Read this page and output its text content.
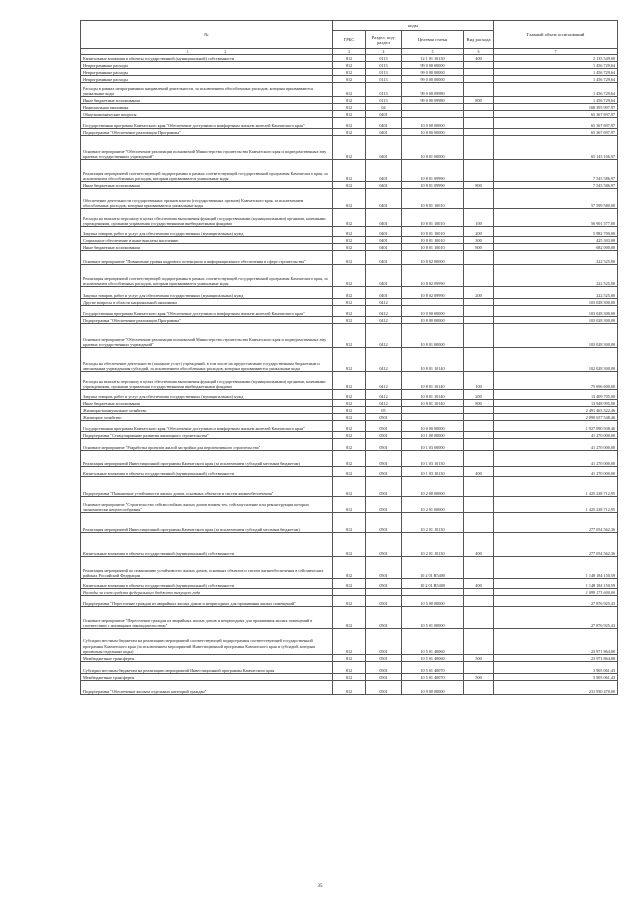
№	коды				Главный объем ассигнований
	ГРБС	Раздел, под-раздел	Целевая статья	Вид расхода	
1 2	3	4	5	6	7
Капитальные вложения в объекты государственной (муниципальной) собственности	812	0113	12 1 01 10130	400	2 135 549,00
Непрограммные расходы	812	0113	99 0 00 00000		1 456 729,64
Непрограммные расходы	812	0113	99 0 00 00000		1 456 729,64
Непрограммные расходы	812	0113	99 0 00 00000		1 456 729,64
Расходы в рамках непрограммных направлений деятельности, за исключением обособленных расходов, которым присваиваются уникальные коды	812	0113	99 0 00 09980		1 456 729,64
Иные бюджетные ассигнования	812	0113	99 0 00 09980	800	1 456 729,64
Национальная экономика	812	04			168 395 997,97
Общеэкономические вопросы	812	0401			65 367 697,97
Государственная программа Камчатского края "Обеспечение доступным и комфортным жильем жителей Камчатского края"	812	0401	10 0 00 00000		65 367 697,97
Подпрограмма "Обеспечение реализации Программы"	812	0401	10 8 00 00000		65 367 697,97
Основное мероприятие "Обеспечение реализации полномочий Министерства строительства Камчатского края и подведомственных ему краевых государственных учреждений"	812	0401	10 8 01 00000		65 145 166,97
Реализация мероприятий соответствующей подпрограммы в рамках соответствующей государственной программы Камчатского края, за исключением обособленных расходов, которым присваиваются уникальные коды	812	0401	10 8 01 09990		7 545 586,97
Иные бюджетные ассигнования	812	0401	10 8 01 09990	800	7 545 586,97
Обеспечение деятельности государственных органов власти (государственных органов) Камчатского края, за исключением обособленных расходов, которым присваиваются уникальные коды	812	0401	10 8 01 10010		57 599 580,00
Расходы на выплаты персоналу в целях обеспечения выполнения функций государственными (муниципальными) органами, казенными учреждениями, органами управления государственными внебюджетными фондами	812	0401	10 8 01 10010	100	56 901 577,00
Закупка товаров, работ и услуг для обеспечения государственных (муниципальных) нужд	812	0401	10 8 01 10010	200	5 982 700,00
Социальное обеспечение и иные выплаты населению	812	0401	10 8 01 10010	300	425 303,00
Иные бюджетные ассигнования	812	0401	10 8 01 10010	800	682 000,00
Основное мероприятие "Повышение уровня кадрового потенциала и информационного обеспечения в сфере строительства"	812	0401	10 8 02 00000		222 525,00
Реализация мероприятий соответствующей подпрограммы в рамках соответствующей государственной программы Камчатского края, за исключением обособленных расходов, которым присваиваются уникальные коды	812	0401	10 8 02 09990		222 525,00
Закупка товаров, работ и услуг для обеспечения государственных (муниципальных) нужд	812	0401	10 8 02 09990	200	222 525,00
Другие вопросы в области национальной экономики	812	0412			103 028 300,00
Государственная программа Камчатского края "Обеспечение доступным и комфортным жильем жителей Камчатского края"	812	0412	10 0 00 00000		103 028 300,00
Подпрограмма "Обеспечение реализации Программы"	812	0412	10 8 00 00000		103 028 300,00
Основное мероприятие "Обеспечение реализации полномочий Министерства строительства Камчатского края и подведомственных ему краевых государственных учреждений"	812	0412	10 8 01 00000		103 028 300,00
Расходы на обеспечение деятельности (оказание услуг) учреждений, в том числе на предоставление государственным бюджетным и автономным учреждениям субсидий, за исключением обособленных расходов, которым присваиваются уникальные коды	812	0412	10 8 01 10140		102 028 300,00
Расходы на выплаты персоналу в целях обеспечения выполнения функций государственными (муниципальными) органами, казенными учреждениями, органами управления государственными внебюджетными фондами	812	0412	10 8 01 10140	100	75 696 600,00
Закупка товаров, работ и услуг для обеспечения государственных (муниципальных) нужд	812	0412	10 8 01 10140	200	13 409 705,00
Иные бюджетные ассигнования	812	0412	10 8 01 10140	800	13 948 995,00
Жилищно-коммунальное хозяйство	812	05			2 491 463 322,46
Жилищное хозяйство	812	0501			2 090 657 548,46
Государственная программа Камчатского края "Обеспечение доступным и комфортным жильем жителей Камчатского края"	812	0501	10 0 00 00000		1 927 090 938,46
Подпрограмма "Стимулирование развития жилищного строительства"	812	0501	10 1 00 00000		41 270 000,00
Основное мероприятие "Разработка проектов жилой застройки для перспективного строительства"	812	0501	10 1 03 00000		41 270 000,00
Реализация мероприятий Инвестиционной программы Камчатского края (за исключением субсидий местным бюджетам)	812	0501	10 1 03 10130		41 270 000,00
Капитальные вложения в объекты государственной (муниципальной) собственности	812	0501	10 1 03 10130	400	41 270 000,00
Подпрограмма "Повышение устойчивости жилых домов, основных объектов и систем жизнеобеспечения"	812	0501	10 2 00 00000		1 425 238 712,95
Основное мероприятие "Строительство сейсмостойких жилых домов взамен тех, сейсмоусиление или реконструкция которых экономически нецелесообразны"	812	0501	10 2 01 00000		1 425 238 712,95
Реализация мероприятий Инвестиционной программы Камчатского края (за исключением субсидий местным бюджетам)	812	0501	10 2 01 10130		277 054 562,36
Капитальные вложения в объекты государственной (муниципальной) собственности	812	0501	10 2 01 10130	400	277 054 562,36
Реализация мероприятий по повышению устойчивости жилых домов, основных объектов и систем жизнеобеспечения в сейсмических районах Российской Федерации	812	0501	10 2 01 R5400		1 148 184 150,59
Капитальные вложения в объекты государственной (муниципальной) собственности	812	0501	10 2 01 R5400	400	1 148 184 150,59
Расходы за счет средств федерального бюджета текущего года					1 099 171 600,00
Подпрограмма "Переселение граждан из аварийных жилых домов и непригодных для проживания жилых помещений"	812	0501	10 5 00 00000		27 876 925,43
Основное мероприятие "Переселение граждан из аварийных жилых домов и непригодных для проживания жилых помещений в соответствии с жилищным законодательством"	812	0501	10 5 01 00000		27 876 925,43
Субсидии местным бюджетам на реализацию мероприятий соответствующей подпрограммы соответствующей государственной программы Камчатского края (за исключением мероприятий Инвестиционной программы Камчатского края и субсидий, которым присвоены отдельные коды)	812	0501	10 5 01 40060		23 971 864,00
Межбюджетные трансферты	812	0501	10 5 01 40060	500	23 971 864,00
Субсидии местным бюджетам на реализацию мероприятий Инвестиционной программы Камчатского края	812	0501	10 5 01 40070		3 905 061,43
Межбюджетные трансферты	812	0501	10 5 01 40070	500	3 905 061,43
Подпрограмма "Обеспечение жильем отдельных категорий граждан"	812	0501	10 9 00 00000		231 930 470,00
35
